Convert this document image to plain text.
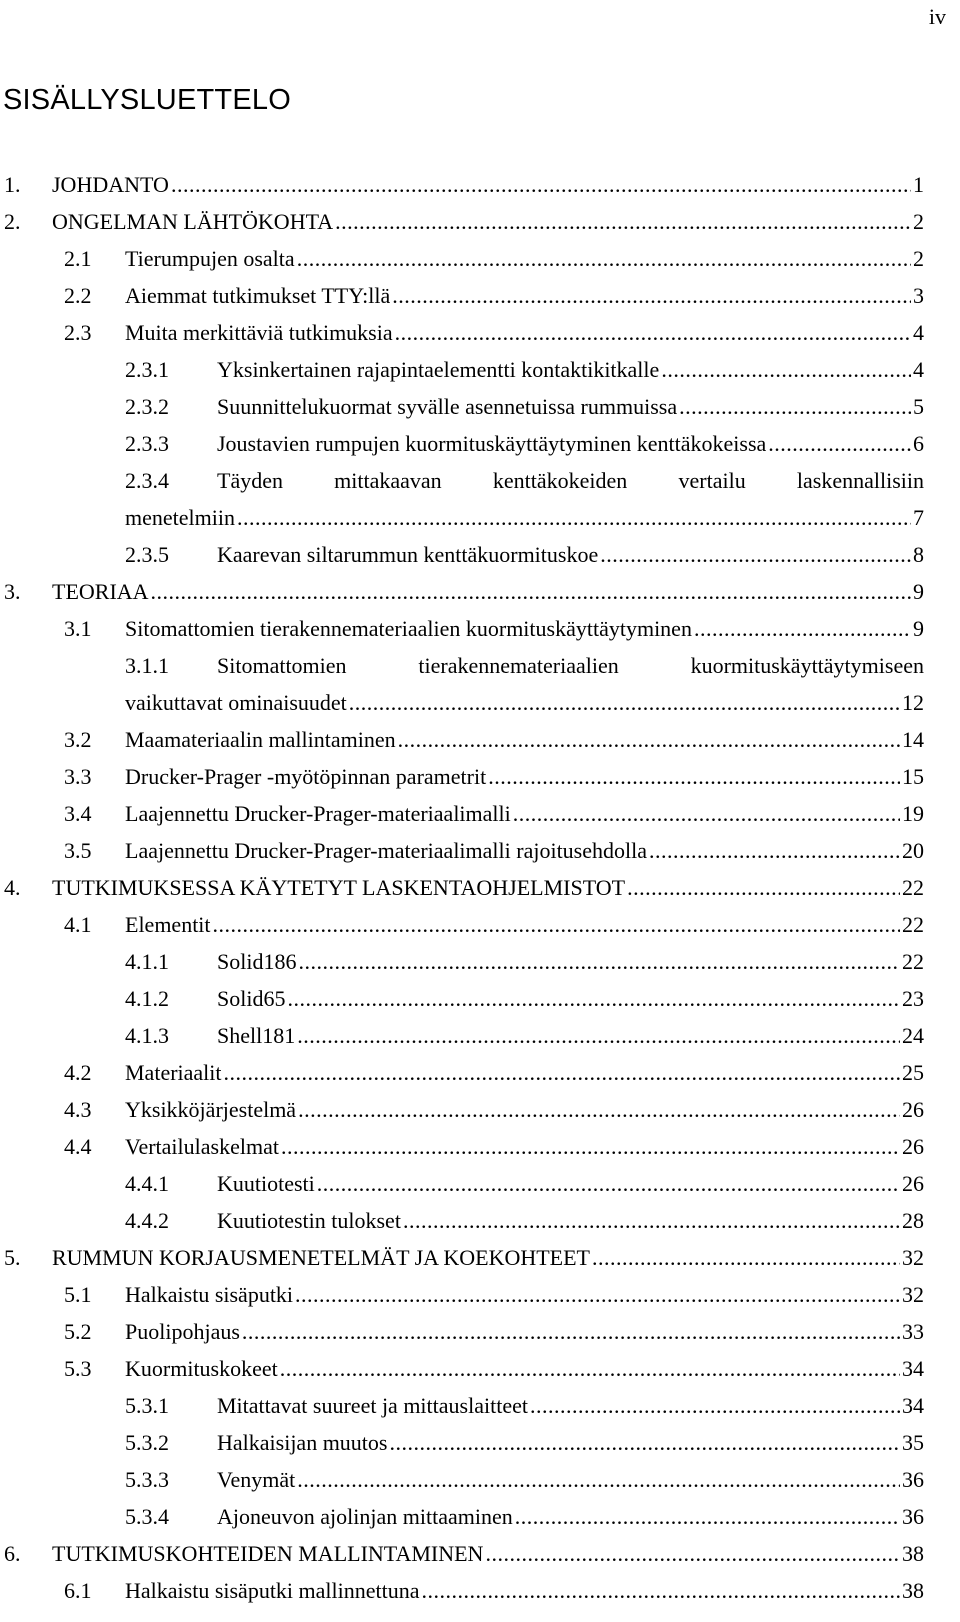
iv
SISÄLLYSLUETTELO
1. JOHDANTO .....	1
2. ONGELMAN LÄHTÖKOHTA .....	2
2.1 Tierumpujen osalta .....	2
2.2 Aiemmat tutkimukset TTY:llä .....	3
2.3 Muita merkittäviä tutkimuksia .....	4
2.3.1 Yksinkertainen rajapintaelementti kontaktikitkalle .....	4
2.3.2 Suunnittelukuormat syvälle asennetuissa rummuissa .....	5
2.3.3 Joustavien rumpujen kuormituskäyttäytyminen kenttäkokeissa .....	6
2.3.4 Täyden mittakaavan kenttäkokeiden vertailu laskennallisiin
menetelmiin .....	7
2.3.5 Kaarevan siltarummun kenttäkuormituskoe .....	8
3. TEORIAA .....	9
3.1 Sitomattomien tierakennemateriaalien kuormituskäyttäytyminen .....	9
3.1.1 Sitomattomien	tierakennemateriaalien	kuormituskäyttäytymiseen
vaikuttavat ominaisuudet .....	12
3.2 Maamateriaalin mallintaminen .....	14
3.3 Drucker-Prager -myötöpinnan parametrit .....	15
3.4 Laajennettu Drucker-Prager-materiaalimalli .....	19
3.5 Laajennettu Drucker-Prager-materiaalimalli rajoitusehdolla .....	20
4. TUTKIMUKSESSA KÄYTETYT LASKENTAOHJELMISTOT .....	22
4.1 Elementit .....	22
4.1.1 Solid186 .....	22
4.1.2 Solid65 .....	23
4.1.3 Shell181 .....	24
4.2 Materiaalit .....	25
4.3 Yksikköjärjestelmä .....	26
4.4 Vertailulaskelmat .....	26
4.4.1 Kuutiotesti .....	26
4.4.2 Kuutiotestin tulokset .....	28
5. RUMMUN KORJAUSMENETELMÄT JA KOEKOHTEET .....	32
5.1 Halkaistu sisäputki .....	32
5.2 Puolipohjaus .....	33
5.3 Kuormituskokeet .....	34
5.3.1 Mitattavat suureet ja mittauslaitteet .....	34
5.3.2 Halkaisijan muutos .....	35
5.3.3 Venymät .....	36
5.3.4 Ajoneuvon ajolinjan mittaaminen .....	36
6. TUTKIMUSKOHTEIDEN MALLINTAMINEN .....	38
6.1 Halkaistu sisäputki mallinnettuna .....	38
